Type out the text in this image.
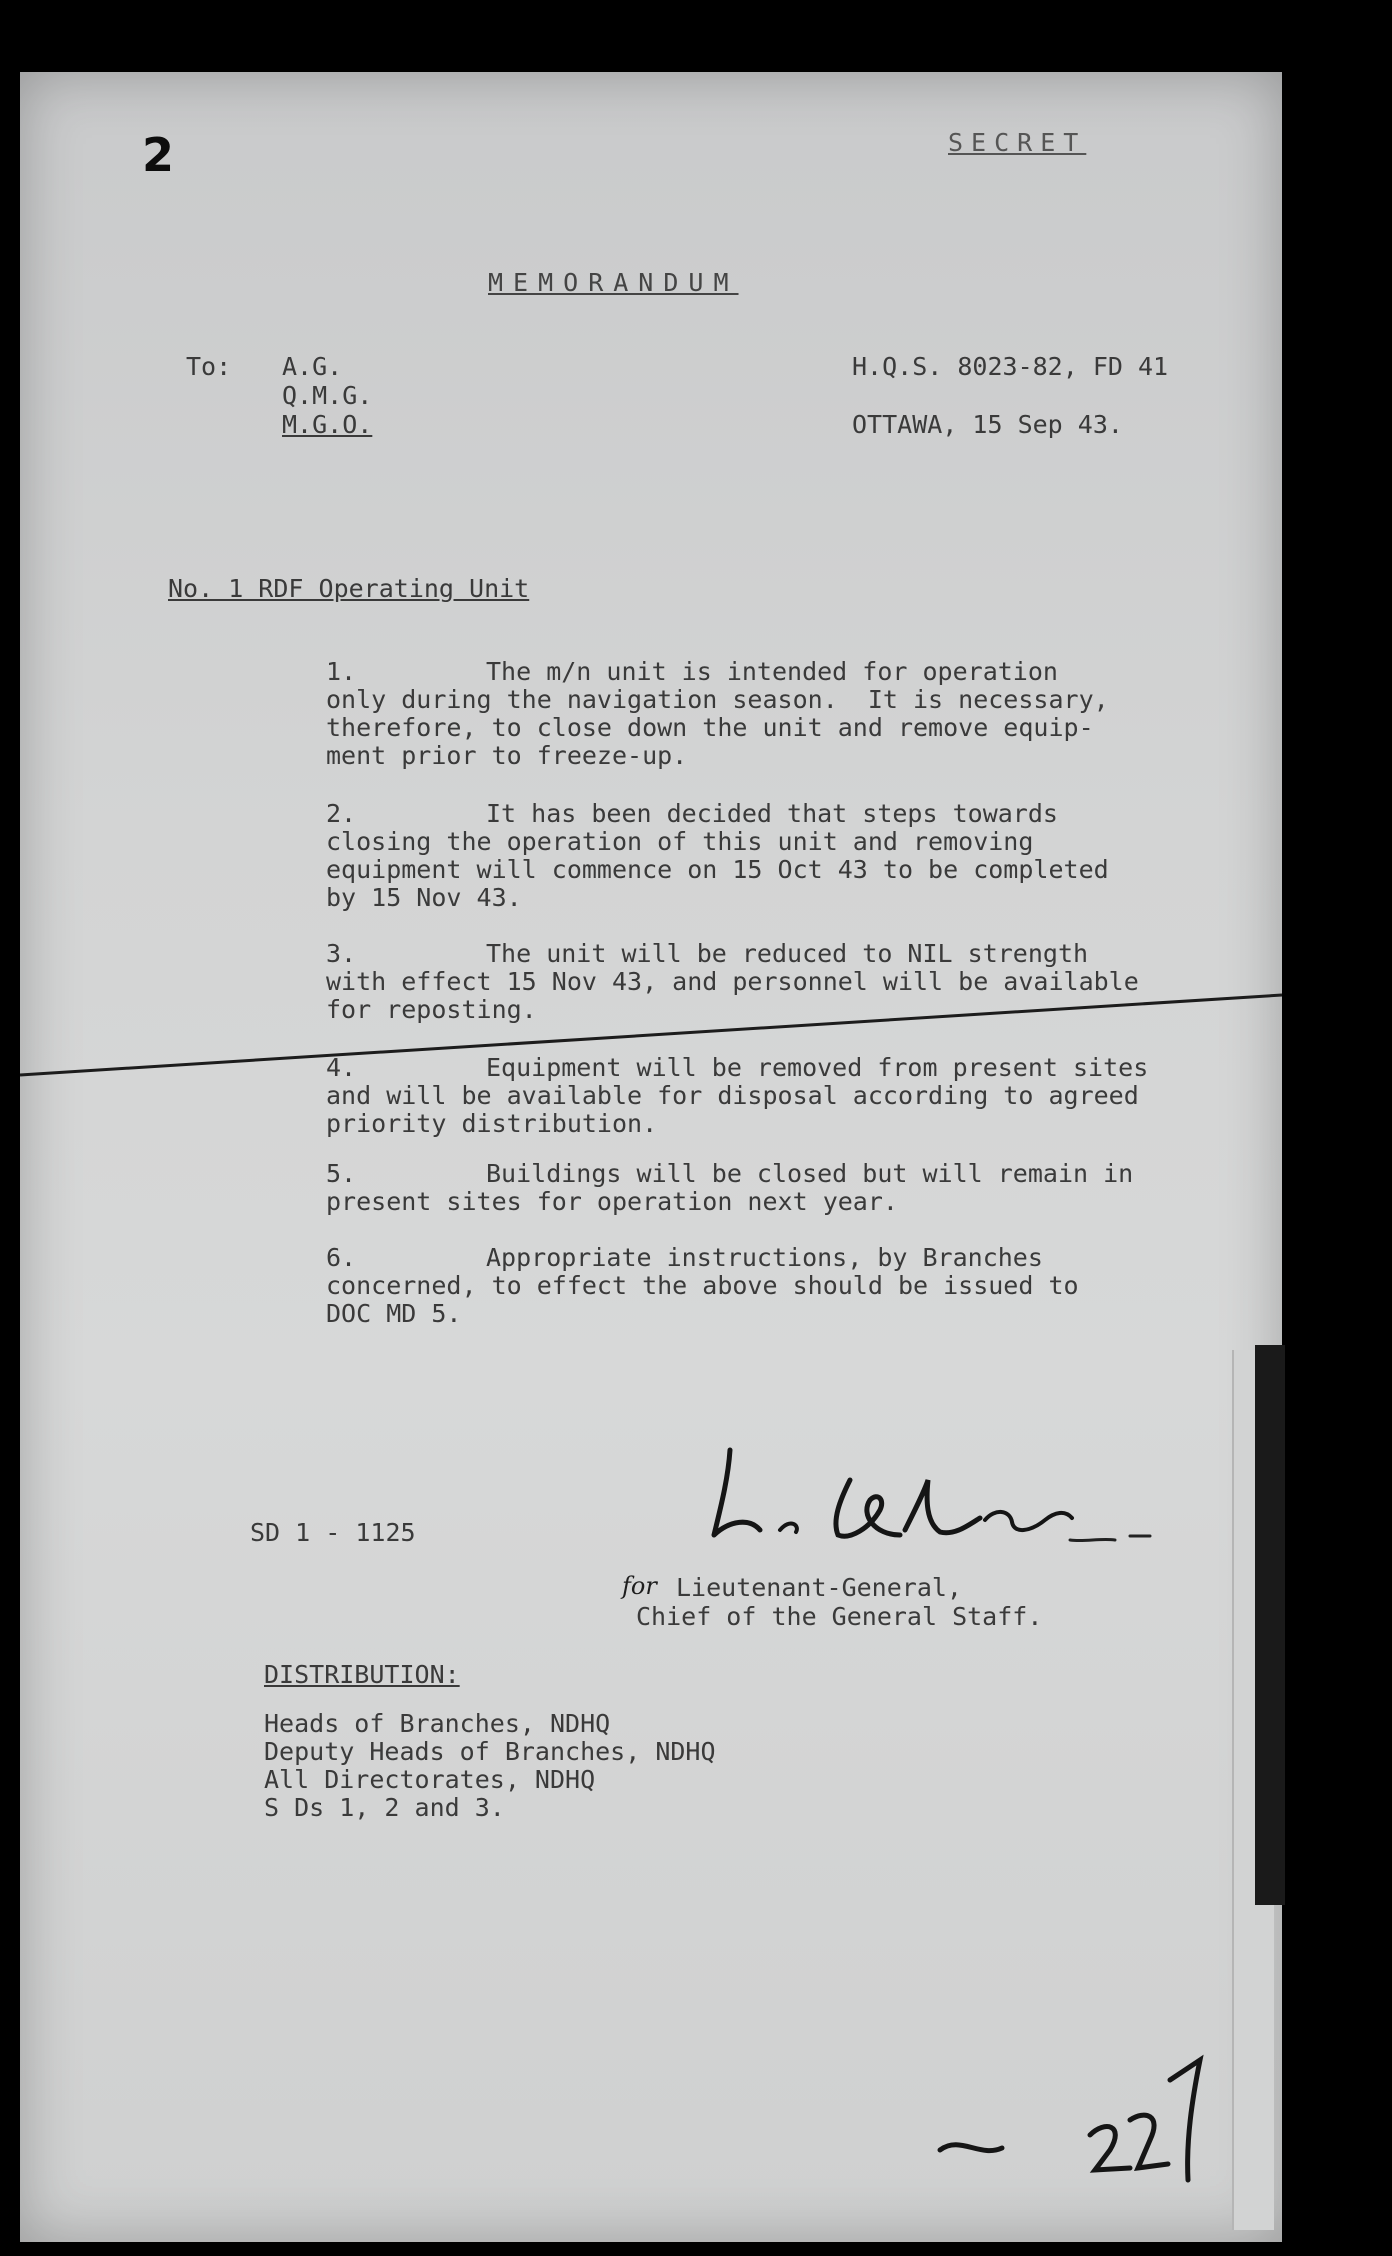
2	SECRET
MEMORANDUM
To: A.G.
Q.M.G.
M.G.O.
H.Q.S. 8023-82, FD 41
OTTAWA, 15 Sep 43.
No. 1 RDF Operating Unit
1.	The m/n unit is intended for operation

only during the navigation season.  It is necessary,
therefore, to close down the unit and remove equip-
ment prior to freeze-up.
2.	It has been decided that steps towards

closing the operation of this unit and removing
equipment will commence on 15 Oct 43 to be completed
by 15 Nov 43.
3.	The unit will be reduced to NIL strength

with effect 15 Nov 43, and personnel will be available
for reposting.
4.	Equipment will be removed from present sites

and will be available for disposal according to agreed
priority distribution.
5.	Buildings will be closed but will remain in

present sites for operation next year.
6.	Appropriate instructions, by Branches

concerned, to effect the above should be issued to
DOC MD 5.
SD 1 - 1125
for Lieutenant-General,
Chief of the General Staff.
DISTRIBUTION:
Heads of Branches, NDHQ
Deputy Heads of Branches, NDHQ
All Directorates, NDHQ
S Ds 1, 2 and 3.
